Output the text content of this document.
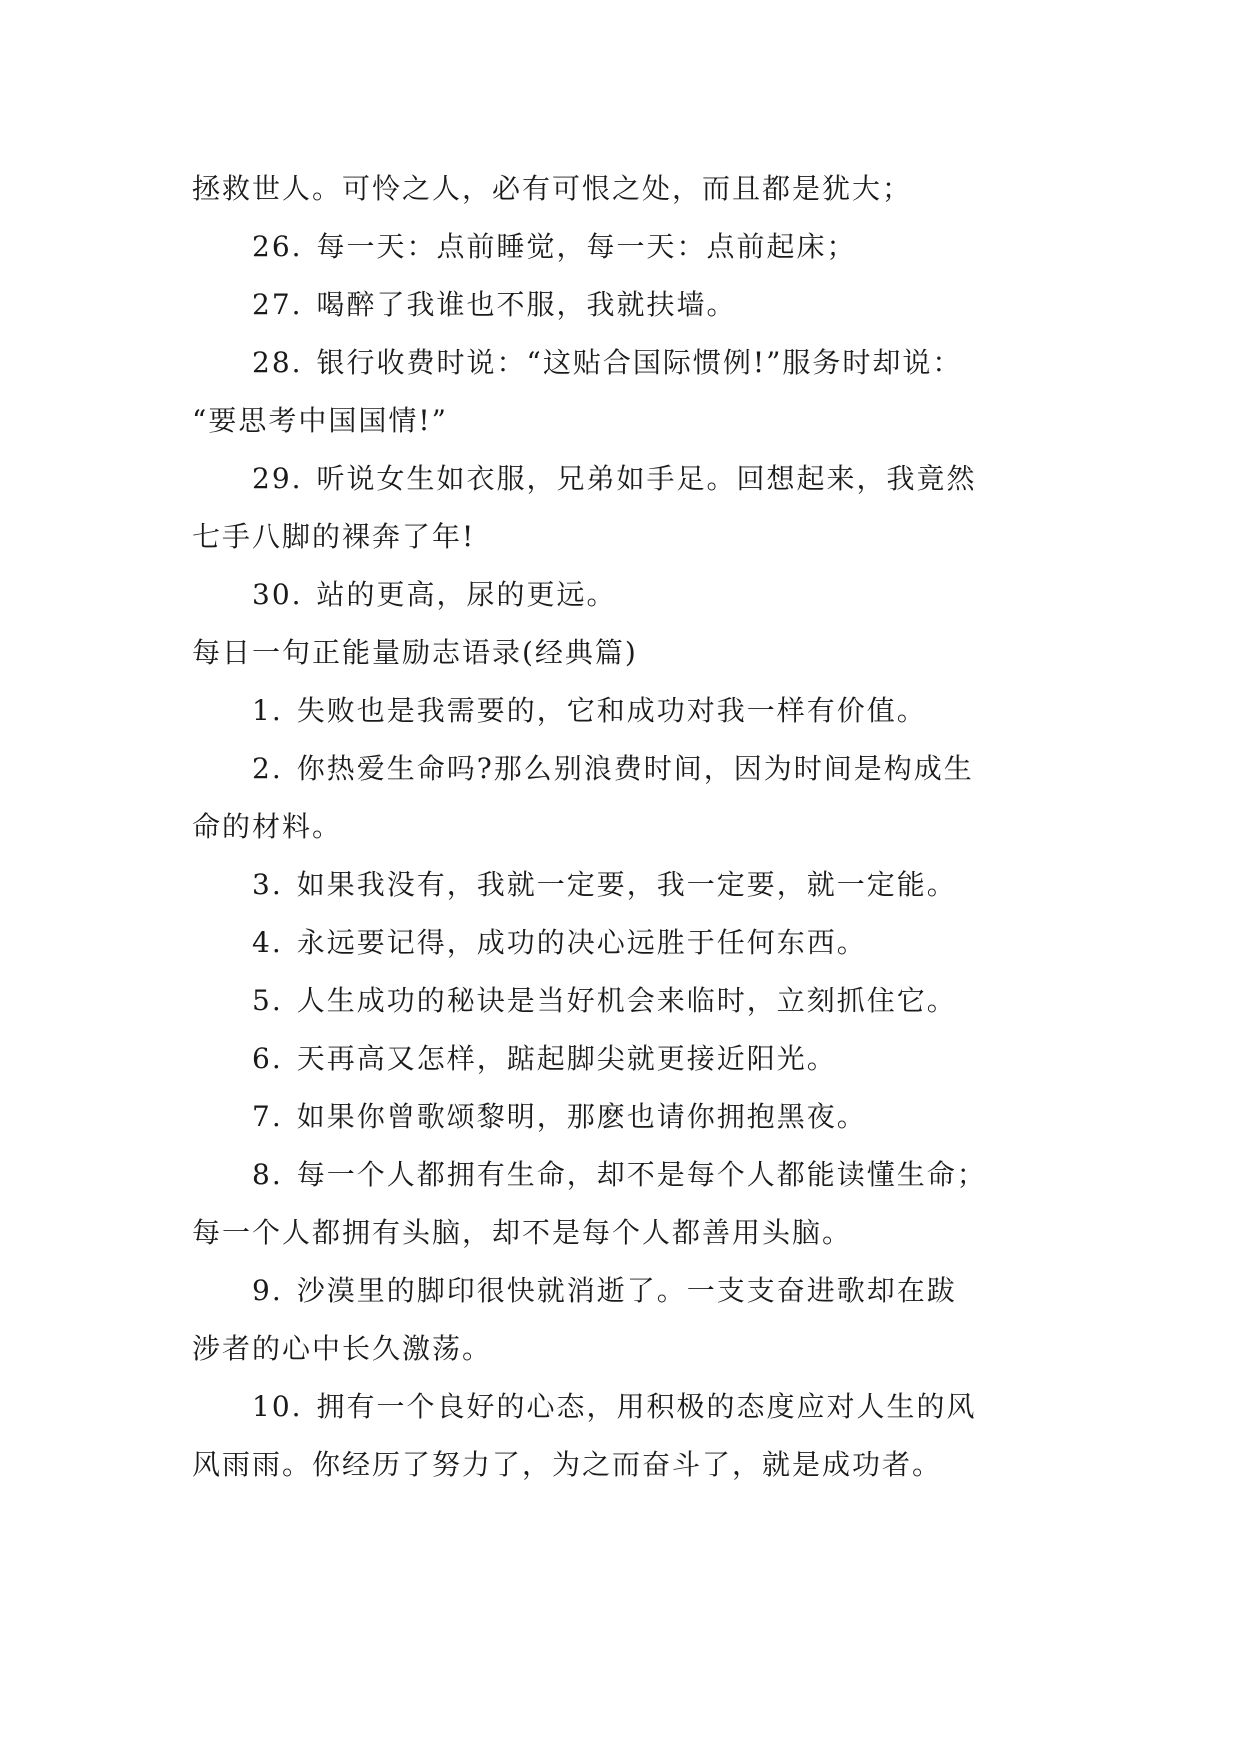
拯救世人。可怜之人，必有可恨之处，而且都是犹大；
26. 每一天：点前睡觉，每一天：点前起床；
27. 喝醉了我谁也不服，我就扶墙。
28. 银行收费时说：“这贴合国际惯例!”服务时却说：
“要思考中国国情!”
29. 听说女生如衣服，兄弟如手足。回想起来，我竟然
七手八脚的裸奔了年!
30. 站的更高，尿的更远。
每日一句正能量励志语录(经典篇)
1. 失败也是我需要的，它和成功对我一样有价值。
2. 你热爱生命吗?那么别浪费时间，因为时间是构成生
命的材料。
3. 如果我没有，我就一定要，我一定要，就一定能。
4. 永远要记得，成功的决心远胜于任何东西。
5. 人生成功的秘诀是当好机会来临时，立刻抓住它。
6. 天再高又怎样，踮起脚尖就更接近阳光。
7. 如果你曾歌颂黎明，那麽也请你拥抱黑夜。
8. 每一个人都拥有生命，却不是每个人都能读懂生命；
每一个人都拥有头脑，却不是每个人都善用头脑。
9. 沙漠里的脚印很快就消逝了。一支支奋进歌却在跋
涉者的心中长久激荡。
10. 拥有一个良好的心态，用积极的态度应对人生的风
风雨雨。你经历了努力了，为之而奋斗了，就是成功者。
